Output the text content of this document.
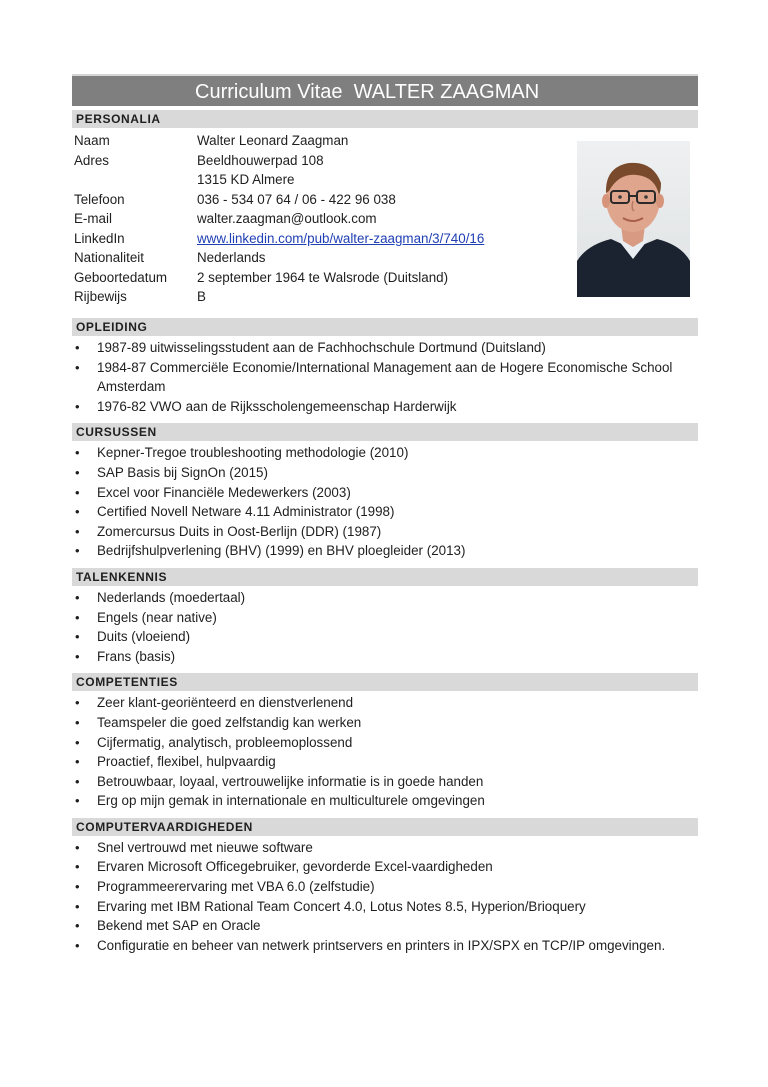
Curriculum Vitae  WALTER ZAAGMAN
PERSONALIA
Naam	Walter Leonard Zaagman
Adres	Beeldhouwerpad 108
1315 KD Almere
Telefoon	036 - 534 07 64 / 06 - 422 96 038
E-mail	walter.zaagman@outlook.com
LinkedIn	www.linkedin.com/pub/walter-zaagman/3/740/16
Nationaliteit	Nederlands
Geboortedatum 2 september 1964 te Walsrode (Duitsland)
Rijbewijs	B
OPLEIDING
• 1987-89 uitwisselingsstudent aan de Fachhochschule Dortmund (Duitsland)
• 1984-87 Commerciële Economie/International Management aan de Hogere Economische School Amsterdam
• 1976-82 VWO aan de Rijksscholengemeenschap Harderwijk
CURSUSSEN
• Kepner-Tregoe troubleshooting methodologie (2010)
• SAP Basis bij SignOn (2015)
• Excel voor Financiële Medewerkers (2003)
• Certified Novell Netware 4.11 Administrator (1998)
• Zomercursus Duits in Oost-Berlijn (DDR) (1987)
• Bedrijfshulpverlening (BHV) (1999) en BHV ploegleider (2013)
TALENKENNIS
• Nederlands (moedertaal)
• Engels (near native)
• Duits (vloeiend)
• Frans (basis)
COMPETENTIES
• Zeer klant-georiënteerd en dienstverlenend
• Teamspeler die goed zelfstandig kan werken
• Cijfermatig, analytisch, probleemoplossend
• Proactief, flexibel, hulpvaardig
• Betrouwbaar, loyaal, vertrouwelijke informatie is in goede handen
• Erg op mijn gemak in internationale en multiculturele omgevingen
COMPUTERVAARDIGHEDEN
• Snel vertrouwd met nieuwe software
• Ervaren Microsoft Officegebruiker, gevorderde Excel-vaardigheden
• Programmeerervaring met VBA 6.0 (zelfstudie)
• Ervaring met IBM Rational Team Concert 4.0, Lotus Notes 8.5, Hyperion/Brioquery
• Bekend met SAP en Oracle
• Configuratie en beheer van netwerk printservers en printers in IPX/SPX en TCP/IP omgevingen.
